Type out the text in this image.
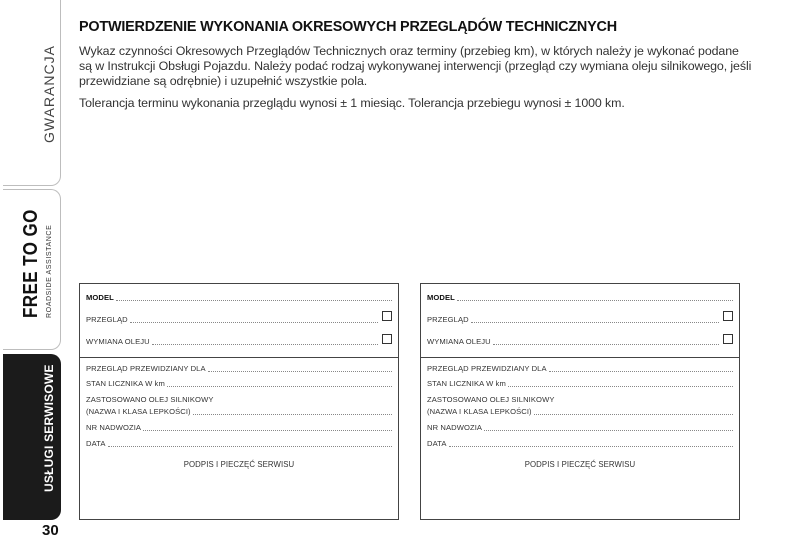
GWARANCJA
FREE TO GO ROADSIDE ASSISTANCE
USŁUGI SERWISOWE
30
POTWIERDZENIE WYKONANIA OKRESOWYCH PRZEGLĄDÓW TECHNICZNYCH
Wykaz czynności Okresowych Przeglądów Technicznych oraz terminy (przebieg km), w których należy je wykonać podane
są w Instrukcji Obsługi Pojazdu. Należy podać rodzaj wykonywanej interwencji (przegląd czy wymiana oleju silnikowego, jeśli
przewidziane są odrębnie) i uzupełnić wszystkie pola.
Tolerancja terminu wykonania przeglądu wynosi ± 1 miesiąc. Tolerancja przebiegu wynosi ± 1000 km.
MODEL
PRZEGLĄD
WYMIANA OLEJU
PRZEGLĄD PRZEWIDZIANY DLA
STAN LICZNIKA W km
ZASTOSOWANO OLEJ SILNIKOWY
(NAZWA I KLASA LEPKOŚCI)
NR NADWOZIA
DATA
PODPIS I PIECZĘĆ SERWISU
MODEL
PRZEGLĄD
WYMIANA OLEJU
PRZEGLĄD PRZEWIDZIANY DLA
STAN LICZNIKA W km
ZASTOSOWANO OLEJ SILNIKOWY
(NAZWA I KLASA LEPKOŚCI)
NR NADWOZIA
DATA
PODPIS I PIECZĘĆ SERWISU
